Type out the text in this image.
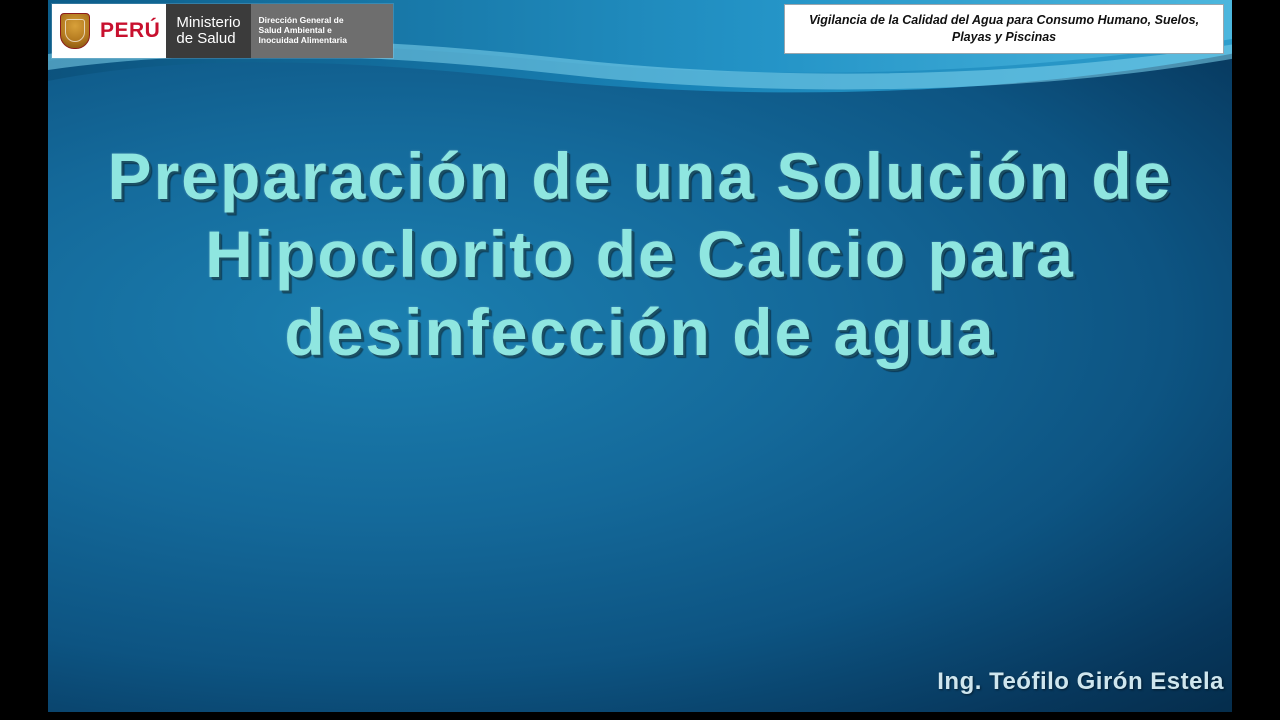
PERÚ Ministerio
de Salud
Dirección General de
Salud Ambiental e
Inocuidad Alimentaria
Vigilancia de la Calidad del Agua para Consumo Humano, Suelos, Playas y Piscinas
Preparación de una Solución de Hipoclorito de Calcio para desinfección de agua
Ing. Teófilo Girón Estela
